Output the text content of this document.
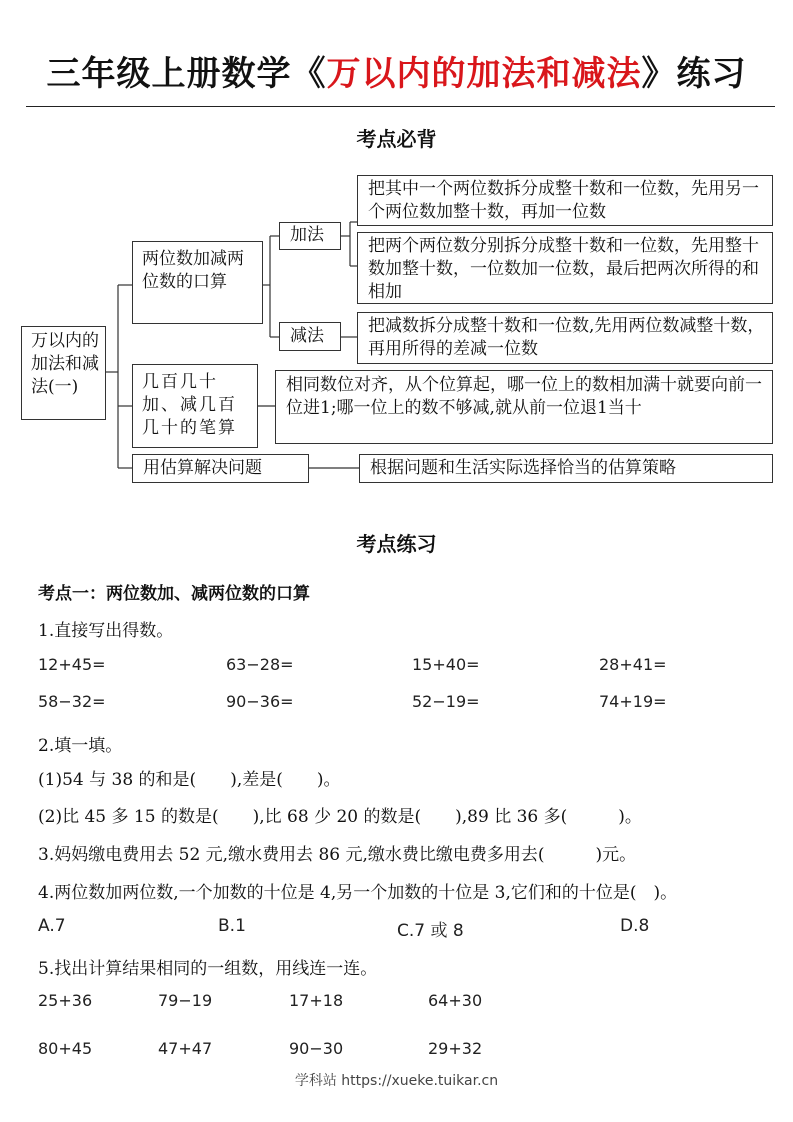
三年级上册数学《万以内的加法和减法》练习
考点必背
万以内的加法和减法(一)
两位数加减两位数的口算
加法
减法
把其中一个两位数拆分成整十数和一位数，先用另一个两位数加整十数，再加一位数
把两个两位数分别拆分成整十数和一位数，先用整十数加整十数，一位数加一位数，最后把两次所得的和相加
把减数拆分成整十数和一位数,先用两位数减整十数，再用所得的差减一位数
几百几十加、减几百几十的笔算
相同数位对齐，从个位算起，哪一位上的数相加满十就要向前一位进1;哪一位上的数不够减,就从前一位退1当十
用估算解决问题	根据问题和生活实际选择恰当的估算策略
考点练习
考点一：两位数加、减两位数的口算
1.直接写出得数。
12+45=	63−28=	15+40=	28+41=
58−32=	90−36=	52−19=	74+19=
2.填一填。
(1)54 与 38 的和是(　　),差是(　　)。
(2)比 45 多 15 的数是(　　),比 68 少 20 的数是(　　),89 比 36 多(　　　)。
3.妈妈缴电费用去 52 元,缴水费用去 86 元,缴水费比缴电费多用去(　　　)元。
4.两位数加两位数,一个加数的十位是 4,另一个加数的十位是 3,它们和的十位是(　)。
A.7	B.1	C.7 或 8	D.8
5.找出计算结果相同的一组数，用线连一连。
25+36	79−19	17+18	64+30
80+45	47+47	90−30	29+32
学科站 https://xueke.tuikar.cn
